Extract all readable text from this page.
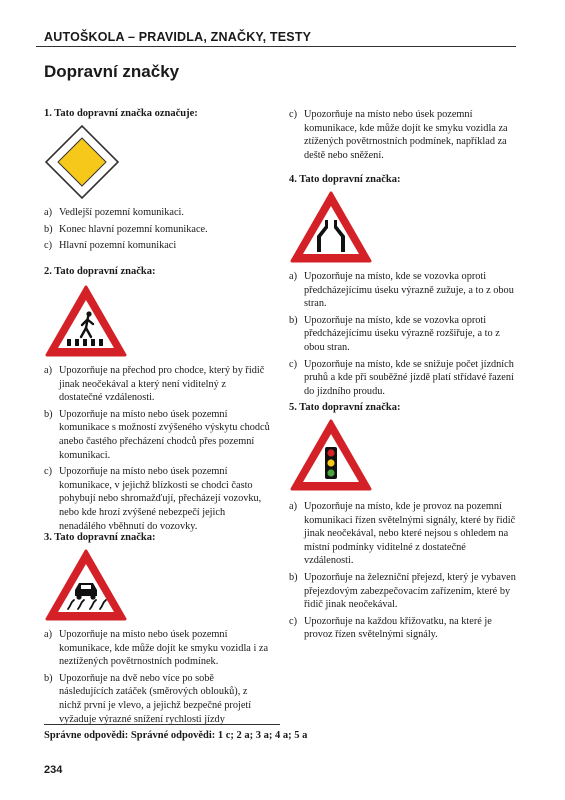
AUTOŠKOLA – PRAVIDLA, ZNAČKY, TESTY
Dopravní značky
1. Tato dopravní značka označuje:
a) Vedlejší pozemní komunikaci.
b) Konec hlavní pozemní komunikace.
c) Hlavní pozemní komunikaci
2. Tato dopravní značka:
a) Upozorňuje na přechod pro chodce, který by řidič jinak neočekával a který není viditelný z dostatečné vzdálenosti.
b) Upozorňuje na místo nebo úsek pozemní komunikace s možností zvýšeného výskytu chodců anebo častého přecházení chodců přes pozemní komunikaci.
c) Upozorňuje na místo nebo úsek pozemní komunikace, v jejichž blízkosti se chodci často pohybují nebo shromažďují, přecházejí vozovku, nebo kde hrozí zvýšené nebezpečí jejich nenadálého vběhnutí do vozovky.
3. Tato dopravní značka:
a) Upozorňuje na místo nebo úsek pozemní komunikace, kde může dojít ke smyku vozidla i za neztížených povětrnostních podmínek.
b) Upozorňuje na dvě nebo více po sobě následujících zatáček (směrových oblouků), z nichž první je vlevo, a jejichž bezpečné projetí vyžaduje výrazné snížení rychlosti jízdy
c) Upozorňuje na místo nebo úsek pozemní komunikace, kde může dojít ke smyku vozidla za ztížených povětrnostních podmínek, například za deště nebo sněžení.
4. Tato dopravní značka:
a) Upozorňuje na místo, kde se vozovka oproti předcházejícímu úseku výrazně zužuje, a to z obou stran.
b) Upozorňuje na místo, kde se vozovka oproti předcházejícímu úseku výrazně rozšiřuje, a to z obou stran.
c) Upozorňuje na místo, kde se snižuje počet jízdních pruhů a kde při souběžné jízdě platí střídavé řazení do jízdního proudu.
5. Tato dopravní značka:
a) Upozorňuje na místo, kde je provoz na pozemní komunikaci řízen světelnými signály, které by řidič jinak neočekával, nebo které nejsou s ohledem na místní podmínky viditelné z dostatečné vzdálenosti.
b) Upozorňuje na železniční přejezd, který je vybaven přejezdovým zabezpečovacím zařízením, které by řidič jinak neočekával.
c) Upozorňuje na každou křižovatku, na které je provoz řízen světelnými signály.
Správne odpovědi: Správné odpovědi: 1 c; 2 a; 3 a; 4 a; 5 a
234
